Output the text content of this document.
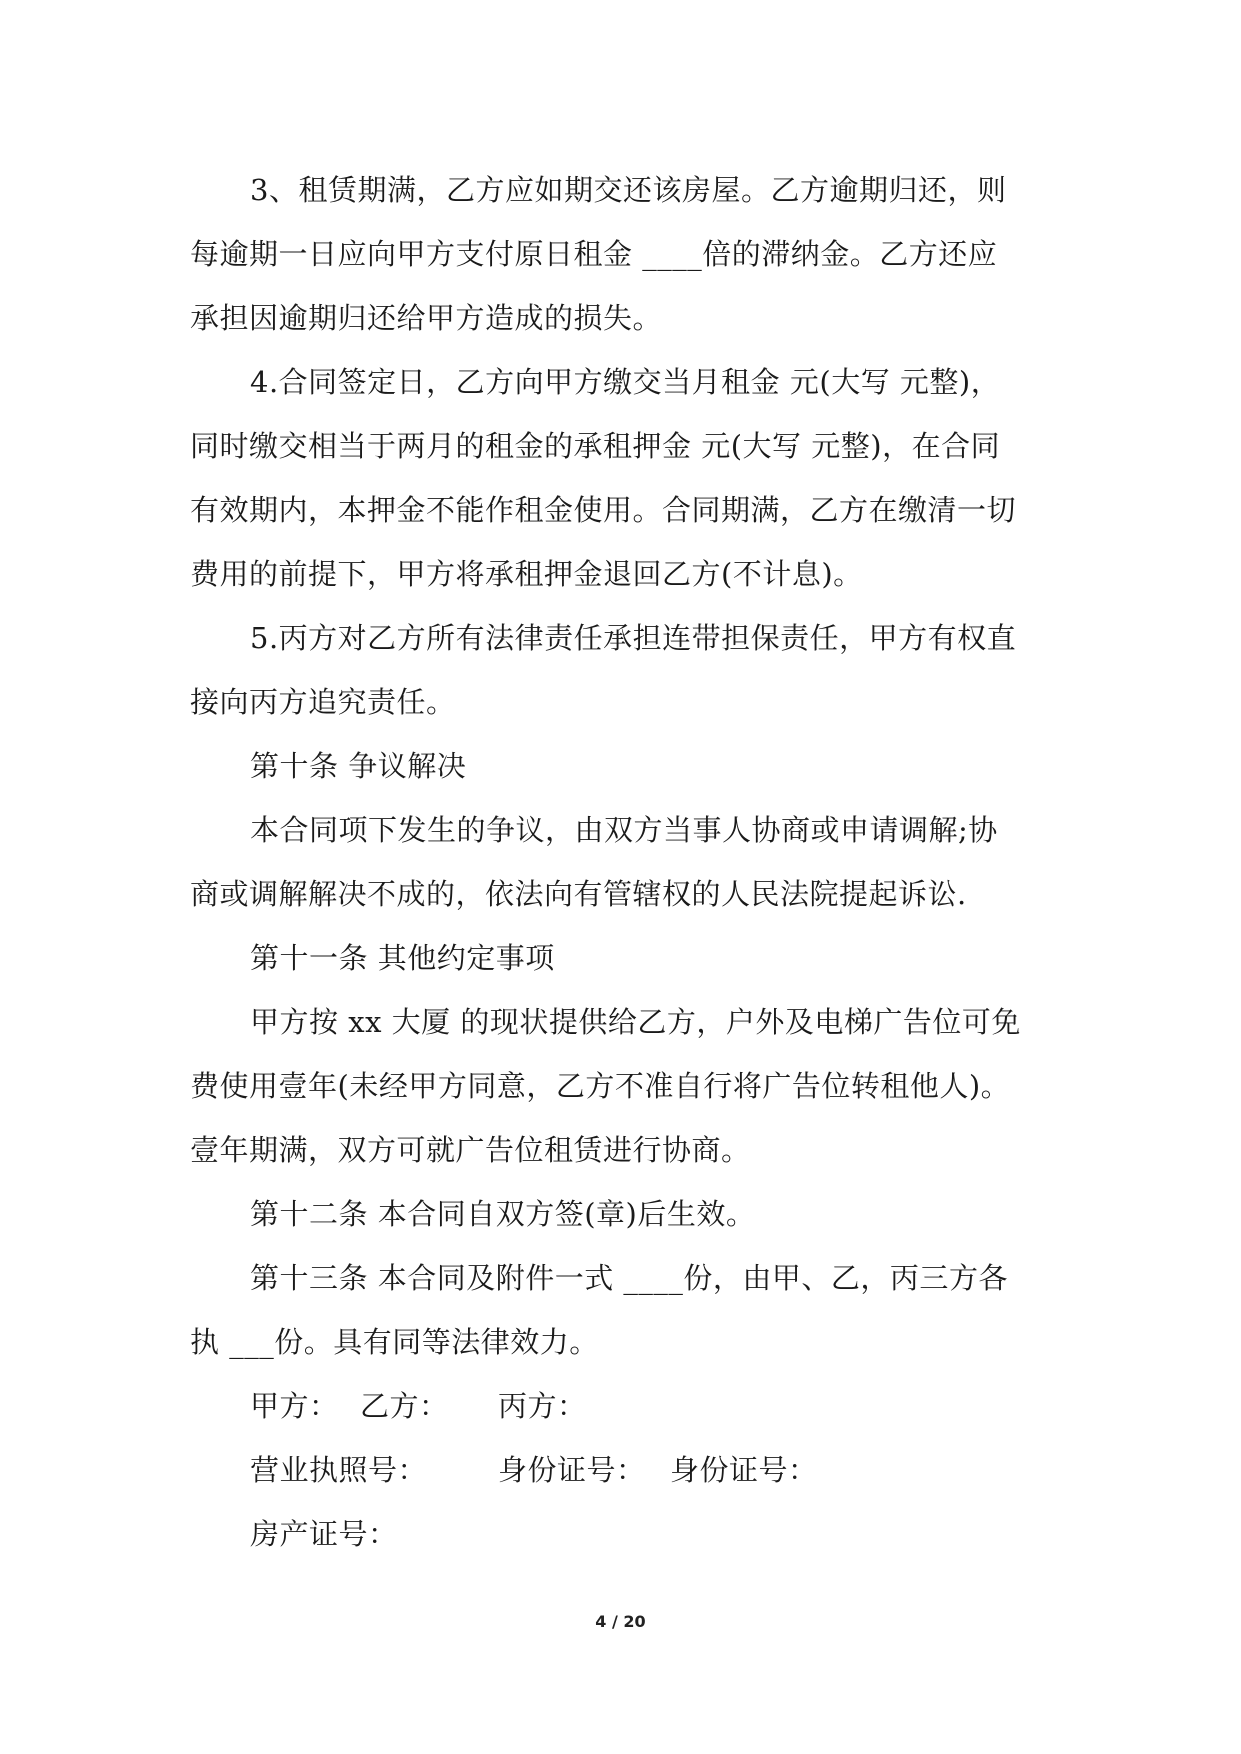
3、租赁期满，乙方应如期交还该房屋。乙方逾期归还，则
每逾期一日应向甲方支付原日租金 ____倍的滞纳金。乙方还应
承担因逾期归还给甲方造成的损失。
4.合同签定日，乙方向甲方缴交当月租金 元(大写 元整)，
同时缴交相当于两月的租金的承租押金 元(大写 元整)，在合同
有效期内，本押金不能作租金使用。合同期满，乙方在缴清一切
费用的前提下，甲方将承租押金退回乙方(不计息)。
5.丙方对乙方所有法律责任承担连带担保责任，甲方有权直
接向丙方追究责任。
第十条 争议解决
本合同项下发生的争议，由双方当事人协商或申请调解;协
商或调解解决不成的，依法向有管辖权的人民法院提起诉讼.
第十一条 其他约定事项
甲方按 xx 大厦 的现状提供给乙方，户外及电梯广告位可免
费使用壹年(未经甲方同意，乙方不准自行将广告位转租他人)。
壹年期满，双方可就广告位租赁进行协商。
第十二条 本合同自双方签(章)后生效。
第十三条 本合同及附件一式 ____份，由甲、乙，丙三方各
执 ___份。具有同等法律效力。
甲方： 乙方： 丙方：
营业执照号： 身份证号： 身份证号：
房产证号：
4 / 20
